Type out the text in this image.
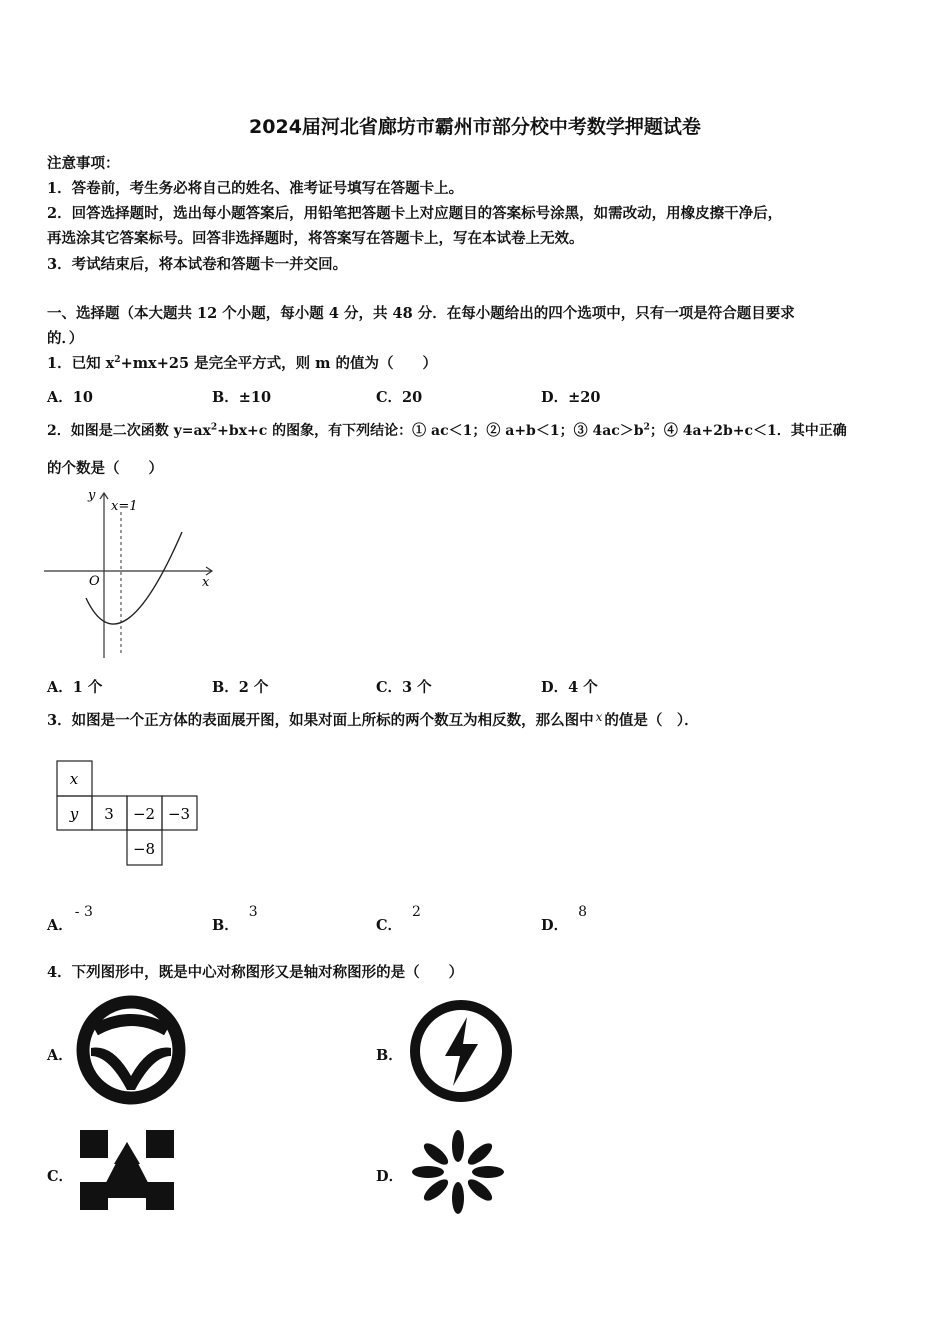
2024届河北省廊坊市霸州市部分校中考数学押题试卷
注意事项：
1．答卷前，考生务必将自己的姓名、准考证号填写在答题卡上。
2．回答选择题时，选出每小题答案后，用铅笔把答题卡上对应题目的答案标号涂黑，如需改动，用橡皮擦干净后，
再选涂其它答案标号。回答非选择题时，将答案写在答题卡上，写在本试卷上无效。
3．考试结束后，将本试卷和答题卡一并交回。
一、选择题（本大题共 12 个小题，每小题 4 分，共 48 分．在每小题给出的四个选项中，只有一项是符合题目要求
的．）
1．已知 $x^2+mx+25$ 是完全平方式，则 m 的值为（　　）
A．10	B．±10	C．20	D．±20
2．如图是二次函数 $y=ax^2+bx+c$ 的图象，有下列结论：① ac＜1；② a+b＜1；③ $4ac>b^2$；④ 4a+2b+c＜1．其中正确
的个数是（　　）
y
x
O
x=1
A．1 个	B．2 个	C．3 个	D．4 个
3．如图是一个正方体的表面展开图，如果对面上所标的两个数互为相反数，那么图中 $^x$ 的值是（　）．
x
y 3 −2 −3
−8
A．- 3
B．3
C．2
D．8
4．下列图形中，既是中心对称图形又是轴对称图形的是（　　）
A．	B．
C．	D．
